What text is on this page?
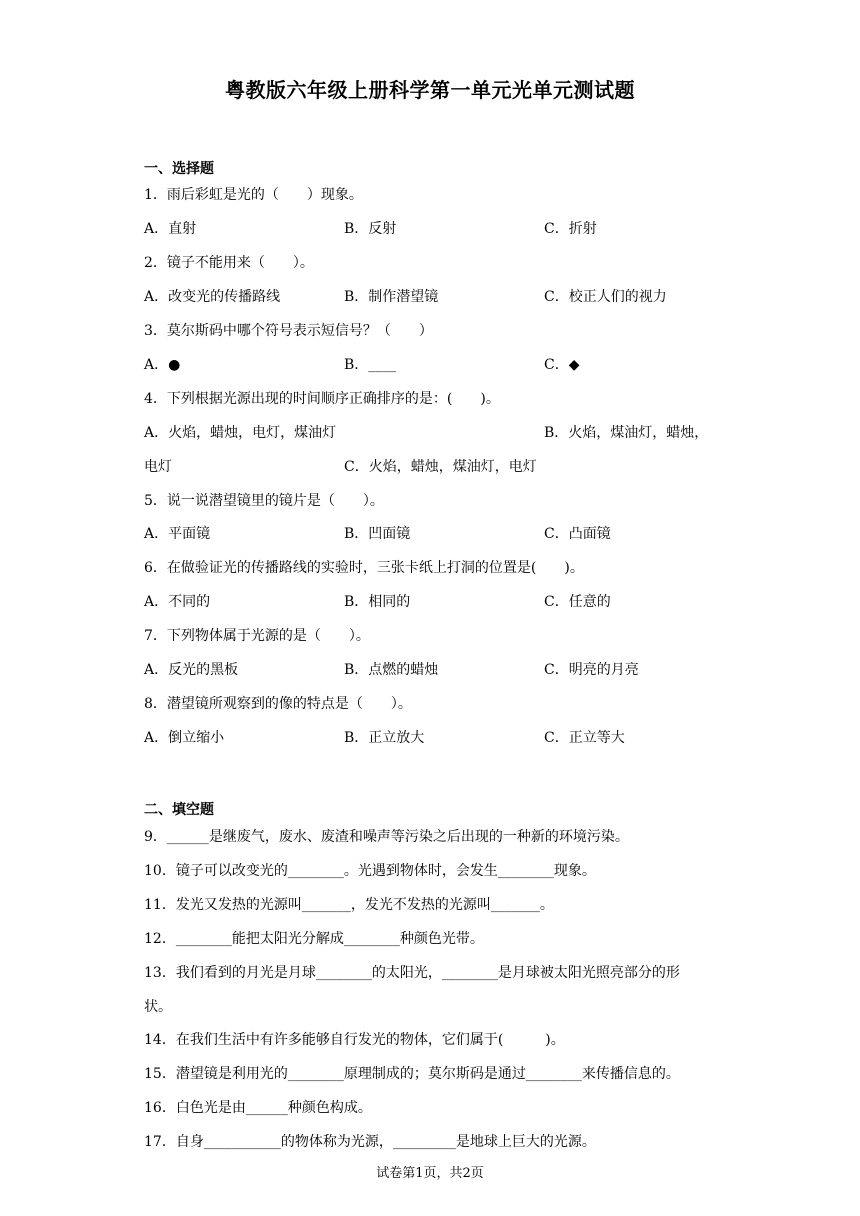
粤教版六年级上册科学第一单元光单元测试题
一、选择题
1．雨后彩虹是光的（　　）现象。
A．直射	B．反射	C．折射
2．镜子不能用来（　　）。
A．改变光的传播路线	B．制作潜望镜	C．校正人们的视力
3．莫尔斯码中哪个符号表示短信号？（　　）
A．●	B．____	C．◆
4．下列根据光源出现的时间顺序正确排序的是：(　　)。
A．火焰，蜡烛，电灯，煤油灯	B．火焰，煤油灯，蜡烛，
电灯	C．火焰，蜡烛，煤油灯，电灯
5．说一说潜望镜里的镜片是（　　）。
A．平面镜	B．凹面镜	C．凸面镜
6．在做验证光的传播路线的实验时，三张卡纸上打洞的位置是(　　)。
A．不同的	B．相同的	C．任意的
7．下列物体属于光源的是（　　）。
A．反光的黑板	B．点燃的蜡烛	C．明亮的月亮
8．潜望镜所观察到的像的特点是（　　）。
A．倒立缩小	B．正立放大	C．正立等大
二、填空题
9．______是继废气，废水、废渣和噪声等污染之后出现的一种新的环境污染。
10．镜子可以改变光的________。光遇到物体时，会发生________现象。
11．发光又发热的光源叫_______，发光不发热的光源叫_______。
12．________能把太阳光分解成________种颜色光带。
13．我们看到的月光是月球________的太阳光，________是月球被太阳光照亮部分的形
状。
14．在我们生活中有许多能够自行发光的物体，它们属于(　　　)。
15．潜望镜是利用光的________原理制成的；莫尔斯码是通过________来传播信息的。
16．白色光是由______种颜色构成。
17．自身___________的物体称为光源，_________是地球上巨大的光源。
试卷第1页，共2页
